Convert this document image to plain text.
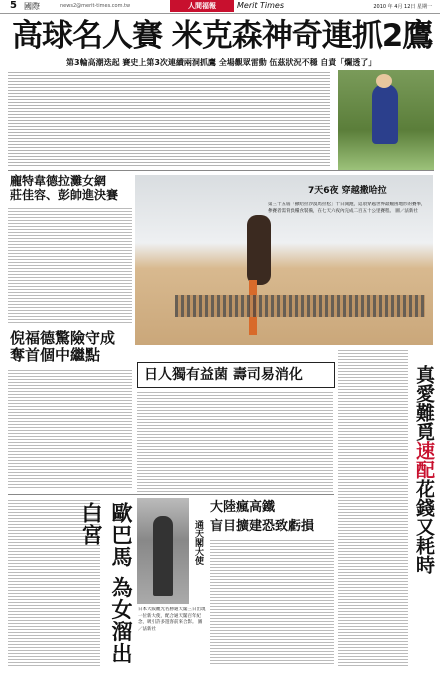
5 國際	news2@merit-times.com.tw	人間福報	Merit Times	2010 年 4月 12日 星期一
高球名人賽 米克森神奇連抓2鷹
第3輪高潮迭起 賽史上第3次連續兩洞抓鷹 全場觀眾雷動 伍茲狀況不穩 自責「爛透了」
龐特韋德拉灘女網
莊佳容、彭帥進決賽	7天6夜 穿越撒哈拉
第三十五屆「撒哈拉沙漠馬拉松」十日開跑，這項穿越世界最艱困地形的賽事，參賽者需背負糧食裝備，在七天六夜內完成二百五十公里賽程。 圖／法新社
倪福德驚險守成
奪首個中繼點
日人獨有益菌 壽司易消化	真愛難覓速配花錢又耗時
歐巴馬 為女溜出白宮	通天閣大使
日本大阪觀光名勝通天閣三日出現一位新大使，配合通天閣百年紀念，吸引許多遊客前來合影。 圖／法新社
大陸瘋高鐵
盲目擴建恐致虧損
